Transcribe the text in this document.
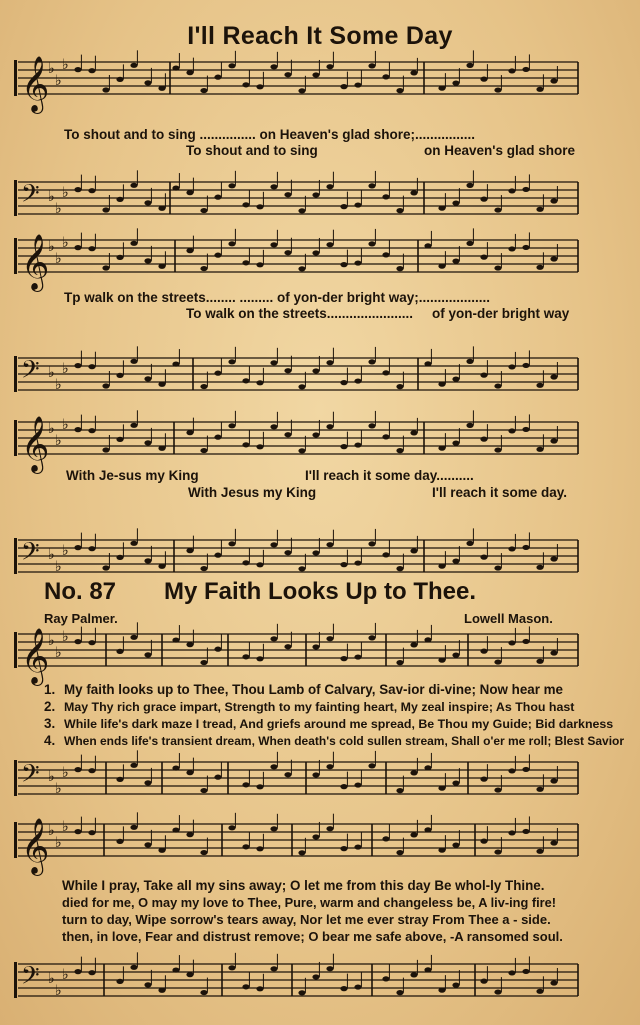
I'll Reach It Some Day
𝄞
♭
♭
♭
𝄢 ♭
♭
♭
𝄞
♭
♭
♭
𝄢 ♭
♭
♭
𝄞
♭
♭
♭
𝄢 ♭
♭
♭
𝄞
♭
♭
♭
𝄢 ♭
♭
♭
𝄞
♭
♭
♭
𝄢 ♭
♭
♭
To shout and to sing ............... on Heaven's glad shore;................
To shout and to sing	on Heaven's glad shore
Tp walk on the streets........ ......... of yon-der bright way;...................
To walk on the streets....................... of yon-der bright way
With Je-sus my King	I'll reach it some day..........
With Jesus my King	I'll reach it some day.
No. 87 My Faith Looks Up to Thee.
Ray Palmer.	Lowell Mason.
1. My faith looks up to Thee, Thou Lamb of Calvary, Sav-ior di-vine; Now hear me
2. May Thy rich grace impart, Strength to my fainting heart, My zeal inspire; As Thou hast
3. While life's dark maze I tread, And griefs around me spread, Be Thou my Guide; Bid darkness
4. When ends life's transient dream, When death's cold sullen stream, Shall o'er me roll; Blest Savior
While I pray, Take all my sins away; O let me from this day Be whol-ly Thine.
died for me, O may my love to Thee, Pure, warm and changeless be, A liv-ing fire!
turn to day, Wipe sorrow's tears away, Nor let me ever stray From Thee a - side.
then, in love, Fear and distrust remove; O bear me safe above, -A ransomed soul.
